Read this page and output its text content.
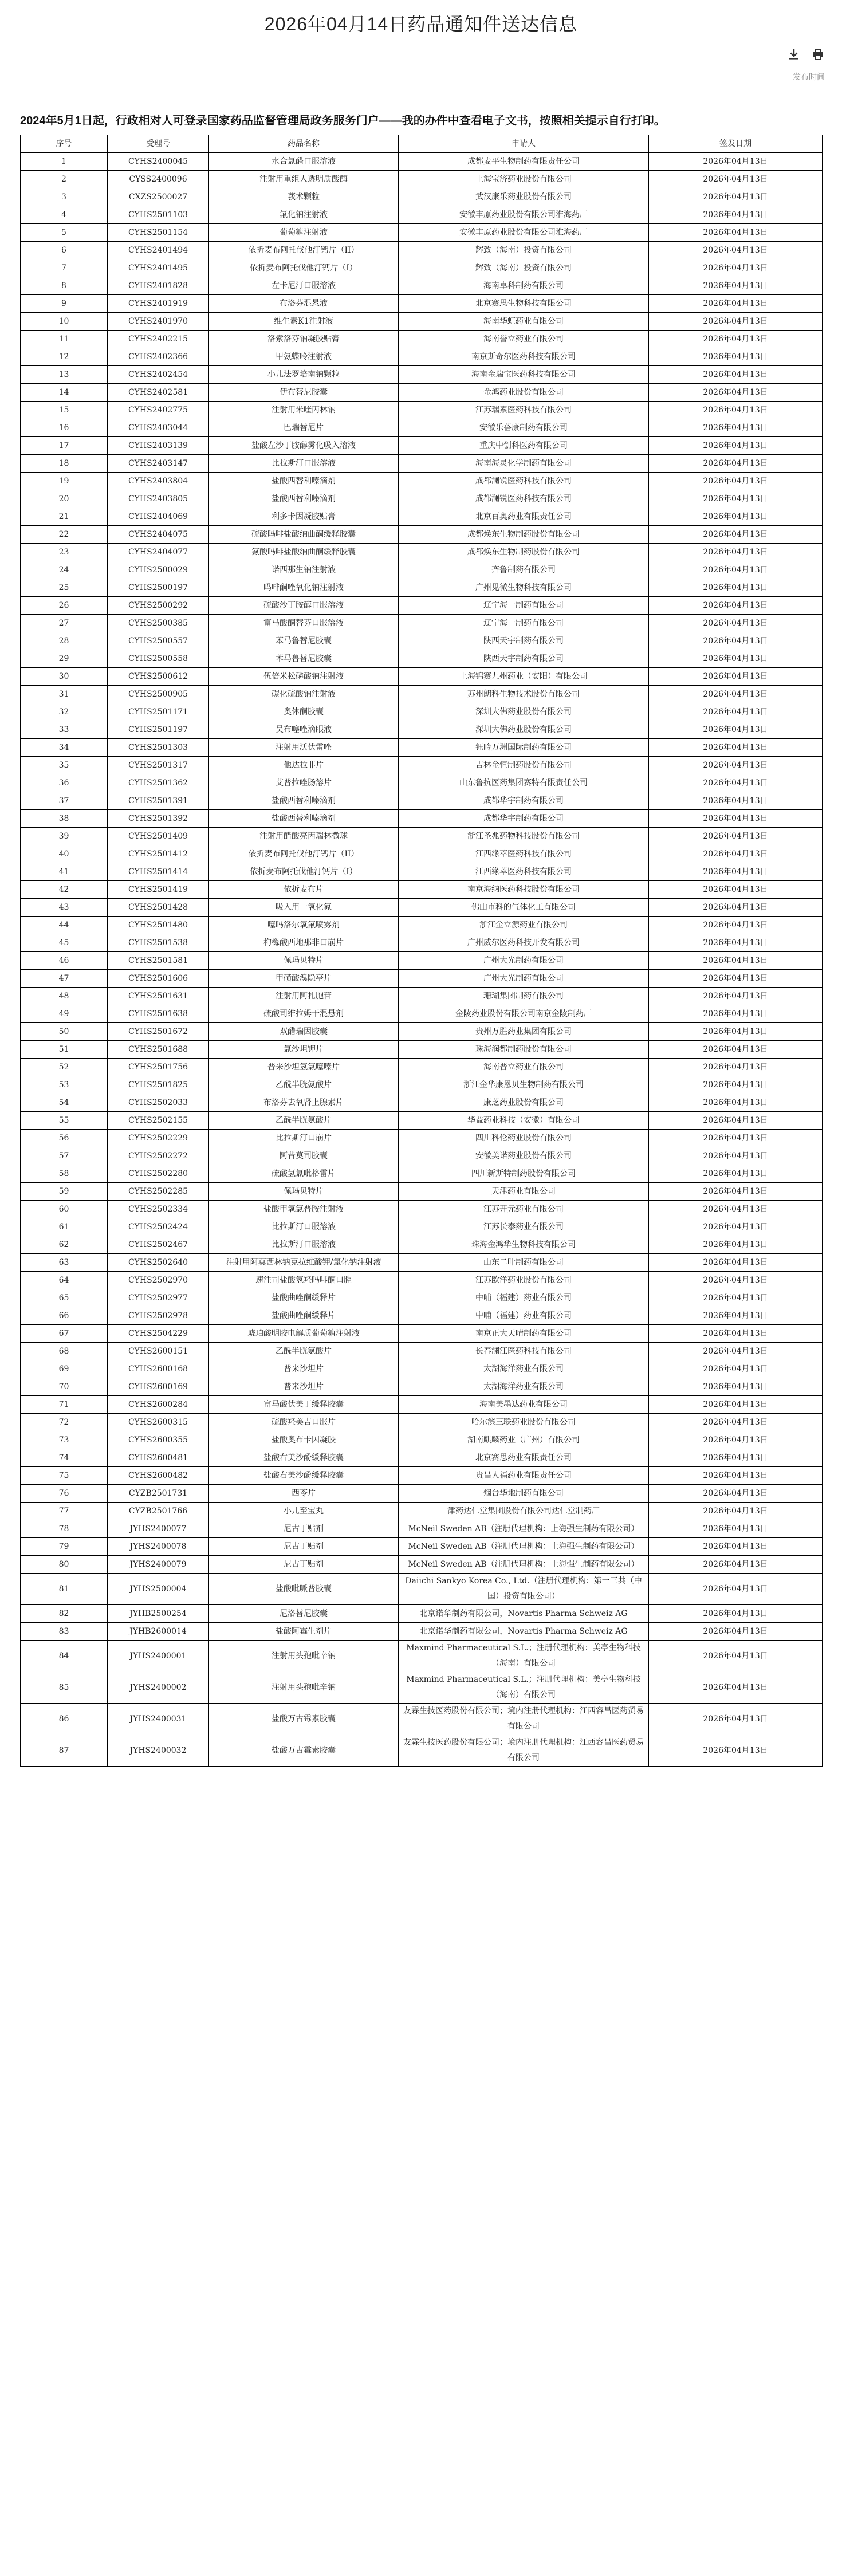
2026年04月14日药品通知件送达信息
发布时间

2024年5月1日起，行政相对人可登录国家药品监督管理局政务服务门户——我的办件中查看电子文书，按照相关提示自行打印。

序号	受理号	药品名称	申请人	签发日期
1	CYHS2400045	水合氯醛口服溶液	成都麦平生物制药有限责任公司	2026年04月13日
2	CYSS2400096	注射用重组人透明质酸酶	上海宝济药业股份有限公司	2026年04月13日
3	CXZS2500027	莪术颗粒	武汉康乐药业股份有限公司	2026年04月13日
4	CYHS2501103	氟化钠注射液	安徽丰原药业股份有限公司淮海药厂	2026年04月13日
5	CYHS2501154	葡萄糖注射液	安徽丰原药业股份有限公司淮海药厂	2026年04月13日
6	CYHS2401494	依折麦布阿托伐他汀钙片（II）	辉致（海南）投资有限公司	2026年04月13日
7	CYHS2401495	依折麦布阿托伐他汀钙片（I）	辉致（海南）投资有限公司	2026年04月13日
8	CYHS2401828	左卡尼汀口服溶液	海南卓科制药有限公司	2026年04月13日
9	CYHS2401919	布洛芬混悬液	北京赛思生物科技有限公司	2026年04月13日
10	CYHS2401970	维生素K1注射液	海南华虹药业有限公司	2026年04月13日
11	CYHS2402215	洛索洛芬钠凝胶贴膏	海南誉立药业有限公司	2026年04月13日
12	CYHS2402366	甲氨蝶呤注射液	南京斯奇尔医药科技有限公司	2026年04月13日
13	CYHS2402454	小儿法罗培南钠颗粒	海南金瑞宝医药科技有限公司	2026年04月13日
14	CYHS2402581	伊布替尼胶囊	金鸿药业股份有限公司	2026年04月13日
15	CYHS2402775	注射用米喹丙林钠	江苏瑞素医药科技有限公司	2026年04月13日
16	CYHS2403044	巴瑞替尼片	安徽乐蓓康制药有限公司	2026年04月13日
17	CYHS2403139	盐酸左沙丁胺醇雾化吸入溶液	重庆中创科医药有限公司	2026年04月13日
18	CYHS2403147	比拉斯汀口服溶液	海南海灵化学制药有限公司	2026年04月13日
19	CYHS2403804	盐酸西替利嗪滴剂	成都澜锐医药科技有限公司	2026年04月13日
20	CYHS2403805	盐酸西替利嗪滴剂	成都澜锐医药科技有限公司	2026年04月13日
21	CYHS2404069	利多卡因凝胶贴膏	北京百奥药业有限责任公司	2026年04月13日
22	CYHS2404075	硫酸吗啡盐酸纳曲酮缓释胶囊	成都焕东生物制药股份有限公司	2026年04月13日
23	CYHS2404077	氨酸吗啡盐酸纳曲酮缓释胶囊	成都焕东生物制药股份有限公司	2026年04月13日
24	CYHS2500029	诺西那生钠注射液	齐鲁制药有限公司	2026年04月13日
25	CYHS2500197	吗啡酮唑氧化钠注射液	广州见微生物科技有限公司	2026年04月13日
26	CYHS2500292	硫酸沙丁胺醇口服溶液	辽宁海一制药有限公司	2026年04月13日
27	CYHS2500385	富马酸酮替芬口服溶液	辽宁海一制药有限公司	2026年04月13日
28	CYHS2500557	苯马鲁替尼胶囊	陕西天宇制药有限公司	2026年04月13日
29	CYHS2500558	苯马鲁替尼胶囊	陕西天宇制药有限公司	2026年04月13日
30	CYHS2500612	伍倍米松磷酸钠注射液	上海锦赛九州药业（安阳）有限公司	2026年04月13日
31	CYHS2500905	碳化硫酸钠注射液	苏州朗科生物技术股份有限公司	2026年04月13日
32	CYHS2501171	奥体酮胶囊	深圳大佛药业股份有限公司	2026年04月13日
33	CYHS2501197	吴布噻唑滴眼液	深圳大佛药业股份有限公司	2026年04月13日
34	CYHS2501303	注射用沃伏雷唑	钰昤万洲国际制药有限公司	2026年04月13日
35	CYHS2501317	他达拉非片	吉林金恒制药股份有限公司	2026年04月13日
36	CYHS2501362	艾普拉唑肠溶片	山东鲁抗医药集团赛特有限责任公司	2026年04月13日
37	CYHS2501391	盐酸西替利嗪滴剂	成都华宇制药有限公司	2026年04月13日
38	CYHS2501392	盐酸西替利嗪滴剂	成都华宇制药有限公司	2026年04月13日
39	CYHS2501409	注射用醋酸亮丙瑞林微球	浙江圣兆药物科技股份有限公司	2026年04月13日
40	CYHS2501412	依折麦布阿托伐他汀钙片（II）	江西缘萃医药科技有限公司	2026年04月13日
41	CYHS2501414	依折麦布阿托伐他汀钙片（I）	江西缘萃医药科技有限公司	2026年04月13日
42	CYHS2501419	依折麦布片	南京海纳医药科技股份有限公司	2026年04月13日
43	CYHS2501428	吸入用一氧化氮	佛山市科的气体化工有限公司	2026年04月13日
44	CYHS2501480	噻吗洛尔氧氟喷雾剂	浙江金立源药业有限公司	2026年04月13日
45	CYHS2501538	枸橼酸西地那非口崩片	广州威尔医药科技开发有限公司	2026年04月13日
46	CYHS2501581	佩玛贝特片	广州大光制药有限公司	2026年04月13日
47	CYHS2501606	甲磺酸溴隐亭片	广州大光制药有限公司	2026年04月13日
48	CYHS2501631	注射用阿扎胞苷	珊瑚集团制药有限公司	2026年04月13日
49	CYHS2501638	硫酸司维拉姆干混悬剂	金陵药业股份有限公司南京金陵制药厂	2026年04月13日
50	CYHS2501672	双醋瑞因胶囊	贵州万胜药业集团有限公司	2026年04月13日
51	CYHS2501688	氯沙坦钾片	珠海润都制药股份有限公司	2026年04月13日
52	CYHS2501756	普来沙坦氢氯噻嗪片	海南普立药业有限公司	2026年04月13日
53	CYHS2501825	乙酰半胱氨酸片	浙江金华康恩贝生物制药有限公司	2026年04月13日
54	CYHS2502033	布洛芬去氧肾上腺素片	康芝药业股份有限公司	2026年04月13日
55	CYHS2502155	乙酰半胱氨酸片	华益药业科技（安徽）有限公司	2026年04月13日
56	CYHS2502229	比拉斯汀口崩片	四川科伦药业股份有限公司	2026年04月13日
57	CYHS2502272	阿昔莫司胶囊	安徽美诺药业股份有限公司	2026年04月13日
58	CYHS2502280	硫酸氢氯吡格雷片	四川新斯特制药股份有限公司	2026年04月13日
59	CYHS2502285	佩玛贝特片	天津药业有限公司	2026年04月13日
60	CYHS2502334	盐酸甲氧氯普胺注射液	江苏开元药业有限公司	2026年04月13日
61	CYHS2502424	比拉斯汀口服溶液	江苏长泰药业有限公司	2026年04月13日
62	CYHS2502467	比拉斯汀口服溶液	珠海金鸿华生物科技有限公司	2026年04月13日
63	CYHS2502640	注射用阿莫西林钠克拉维酸钾/氯化钠注射液	山东二叶制药有限公司	2026年04月13日
64	CYHS2502970	速注司盐酸氢羟吗啡酮口腔	江苏欧洋药业股份有限公司	2026年04月13日
65	CYHS2502977	盐酸曲唑酮缓释片	中哺（福建）药业有限公司	2026年04月13日
66	CYHS2502978	盐酸曲唑酮缓释片	中哺（福建）药业有限公司	2026年04月13日
67	CYHS2504229	琥珀酸明胶电解质葡萄糖注射液	南京正大天晴制药有限公司	2026年04月13日
68	CYHS2600151	乙酰半胱氨酸片	长春澜江医药科技有限公司	2026年04月13日
69	CYHS2600168	普来沙坦片	太湖海洋药业有限公司	2026年04月13日
70	CYHS2600169	普来沙坦片	太湖海洋药业有限公司	2026年04月13日
71	CYHS2600284	富马酸伏美丁缓释胶囊	海南美墨达药业有限公司	2026年04月13日
72	CYHS2600315	硫酸羟美吉口服片	哈尔滨三联药业股份有限公司	2026年04月13日
73	CYHS2600355	盐酸奥布卡因凝胶	湖南麒麟药业（广州）有限公司	2026年04月13日
74	CYHS2600481	盐酸右美沙酚缓释胶囊	北京赛思药业有限责任公司	2026年04月13日
75	CYHS2600482	盐酸右美沙酚缓释胶囊	贵昌人福药业有限责任公司	2026年04月13日
76	CYZB2501731	西苓片	烟台华地制药有限公司	2026年04月13日
77	CYZB2501766	小儿至宝丸	津药达仁堂集团股份有限公司达仁堂制药厂	2026年04月13日
78	JYHS2400077	尼古丁贴剂	McNeil Sweden AB（注册代理机构：上海强生制药有限公司）	2026年04月13日
79	JYHS2400078	尼古丁贴剂	McNeil Sweden AB（注册代理机构：上海强生制药有限公司）	2026年04月13日
80	JYHS2400079	尼古丁贴剂	McNeil Sweden AB（注册代理机构：上海强生制药有限公司）	2026年04月13日
81	JYHS2500004	盐酸吡哌普胶囊	Daiichi Sankyo Korea Co., Ltd.（注册代理机构：第一三共（中国）投资有限公司）	2026年04月13日
82	JYHB2500254	尼洛替尼胶囊	北京诺华制药有限公司，Novartis Pharma Schweiz AG	2026年04月13日
83	JYHB2600014	盐酸阿霉生剂片	北京诺华制药有限公司，Novartis Pharma Schweiz AG	2026年04月13日
84	JYHS2400001	注射用头孢吡辛钠	Maxmind Pharmaceutical S.L.；注册代理机构：美亭生物科技（海南）有限公司	2026年04月13日
85	JYHS2400002	注射用头孢吡辛钠	Maxmind Pharmaceutical S.L.；注册代理机构：美亭生物科技（海南）有限公司	2026年04月13日
86	JYHS2400031	盐酸万古霉素胶囊	友霖生技医药股份有限公司；境内注册代理机构：江西容昌医药贸易有限公司	2026年04月13日
87	JYHS2400032	盐酸万古霉素胶囊	友霖生技医药股份有限公司；境内注册代理机构：江西容昌医药贸易有限公司	2026年04月13日
